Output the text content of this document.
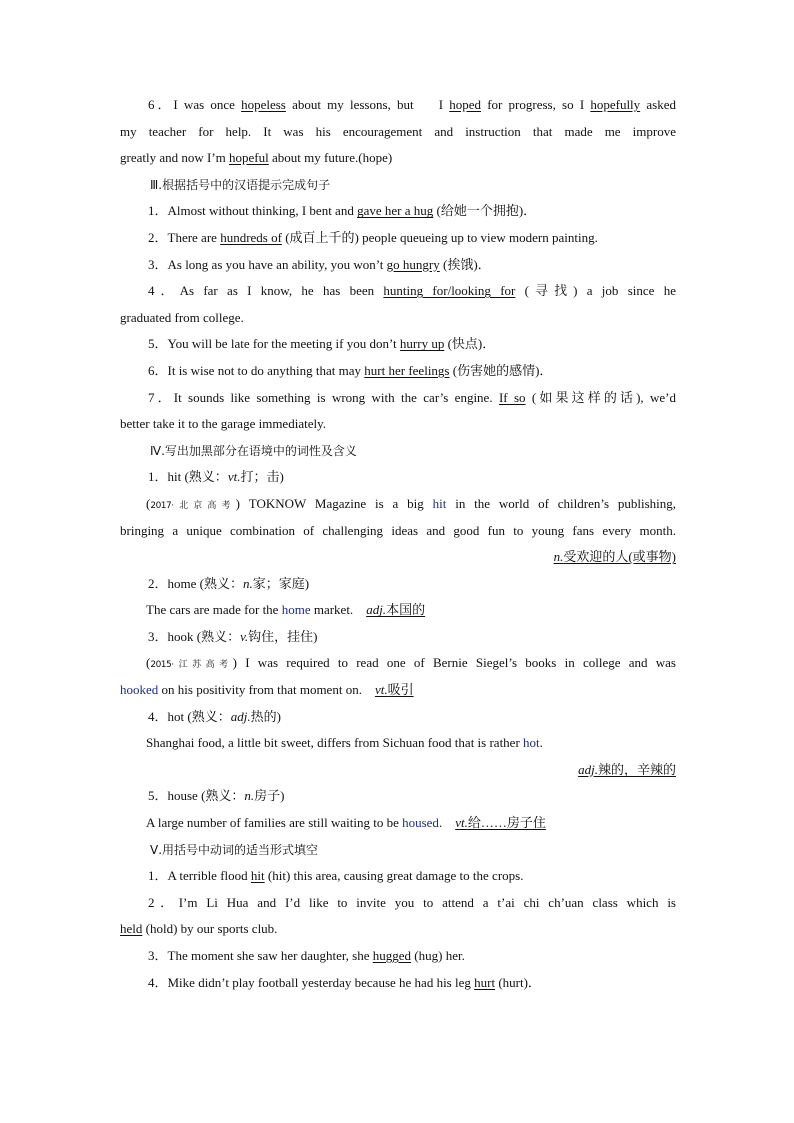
6．I was once hopeless about my lessons, but　 I hoped for progress, so I hopefully asked
my teacher for help. It was his encouragement and instruction that made me improve
greatly and now I’m hopeful about my future.(hope)
Ⅲ.根据括号中的汉语提示完成句子
1．Almost without thinking, I bent and gave her a hug (给她一个拥抱)．
2．There are hundreds of (成百上千的) people queueing up to view modern painting.
3．As long as you have an ability, you won’t go hungry (挨饿)．
4．As far as I know, he has been hunting for/looking for (寻找) a job since he
graduated from college.
5．You will be late for the meeting if you don’t hurry up (快点)．
6．It is wise not to do anything that may hurt her feelings (伤害她的感情)．
7．It sounds like something is wrong with the car’s engine. If so (如果这样的话), we’d
better take it to the garage immediately.
Ⅳ.写出加黑部分在语境中的词性及含义
1．hit (熟义：vt.打；击)
(2017·北京高考) TOKNOW Magazine is a big hit in the world of children’s publishing,
bringing a unique combination of challenging ideas and good fun to young fans every month.
n.受欢迎的人(或事物)
2．home (熟义：n.家；家庭)
The cars are made for the home market.　adj.本国的
3．hook (熟义：v.钩住，挂住)
(2015·江苏高考) I was required to read one of Bernie Siegel’s books in college and was
hooked on his positivity from that moment on.　vt.吸引
4．hot (熟义：adj.热的)
Shanghai food, a little bit sweet, differs from Sichuan food that is rather hot.
adj.辣的，辛辣的
5．house (熟义：n.房子)
A large number of families are still waiting to be housed.　vt.给……房子住
Ⅴ.用括号中动词的适当形式填空
1．A terrible flood hit (hit) this area, causing great damage to the crops.
2．I’m Li Hua and I’d like to invite you to attend a t’ai chi ch’uan class which is
held (hold) by our sports club.
3．The moment she saw her daughter, she hugged (hug) her.
4．Mike didn’t play football yesterday because he had his leg hurt (hurt)．
